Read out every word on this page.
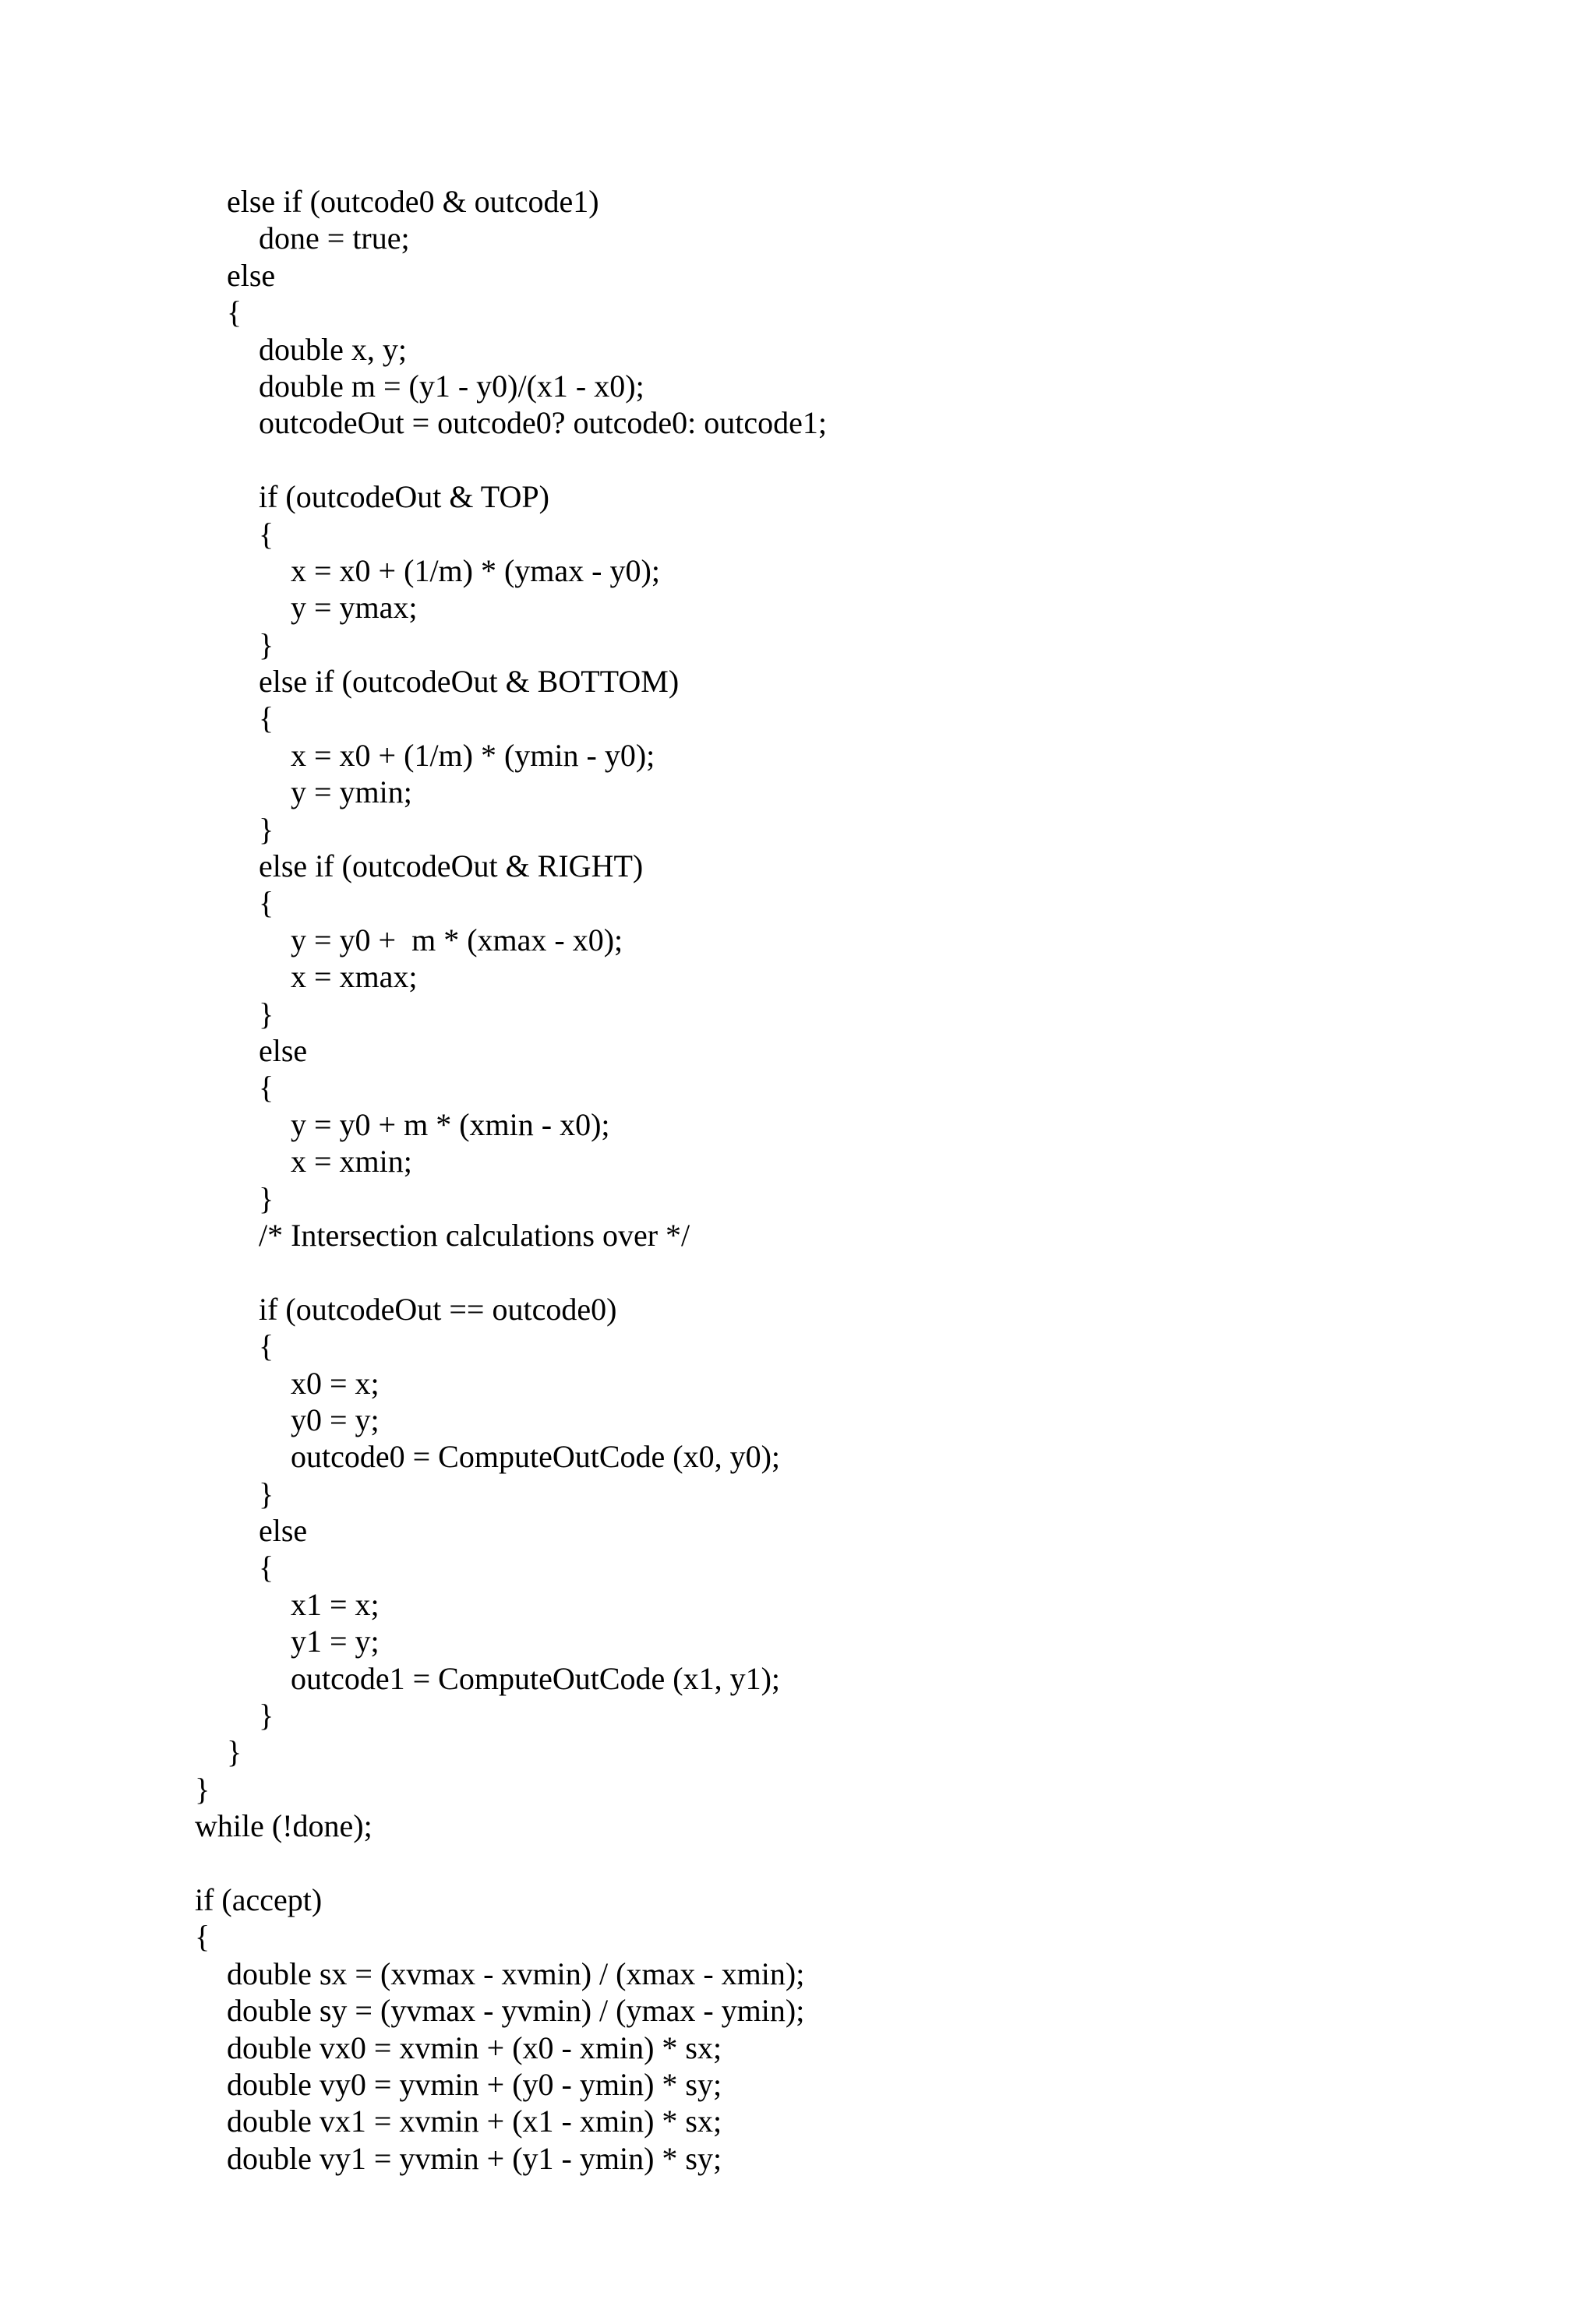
else if (outcode0 & outcode1)
done = true;
else
{
double x, y;
double m = (y1 - y0)/(x1 - x0);
outcodeOut = outcode0? outcode0: outcode1;
if (outcodeOut & TOP)
{
x = x0 + (1/m) * (ymax - y0);
y = ymax;
}
else if (outcodeOut & BOTTOM)
{
x = x0 + (1/m) * (ymin - y0);
y = ymin;
}
else if (outcodeOut & RIGHT)
{
y = y0 +  m * (xmax - x0);
x = xmax;
}
else
{
y = y0 + m * (xmin - x0);
x = xmin;
}
/* Intersection calculations over */
if (outcodeOut == outcode0)
{
x0 = x;
y0 = y;
outcode0 = ComputeOutCode (x0, y0);
}
else
{
x1 = x;
y1 = y;
outcode1 = ComputeOutCode (x1, y1);
}
}
}
while (!done);
if (accept)
{
double sx = (xvmax - xvmin) / (xmax - xmin);
double sy = (yvmax - yvmin) / (ymax - ymin);
double vx0 = xvmin + (x0 - xmin) * sx;
double vy0 = yvmin + (y0 - ymin) * sy;
double vx1 = xvmin + (x1 - xmin) * sx;
double vy1 = yvmin + (y1 - ymin) * sy;
